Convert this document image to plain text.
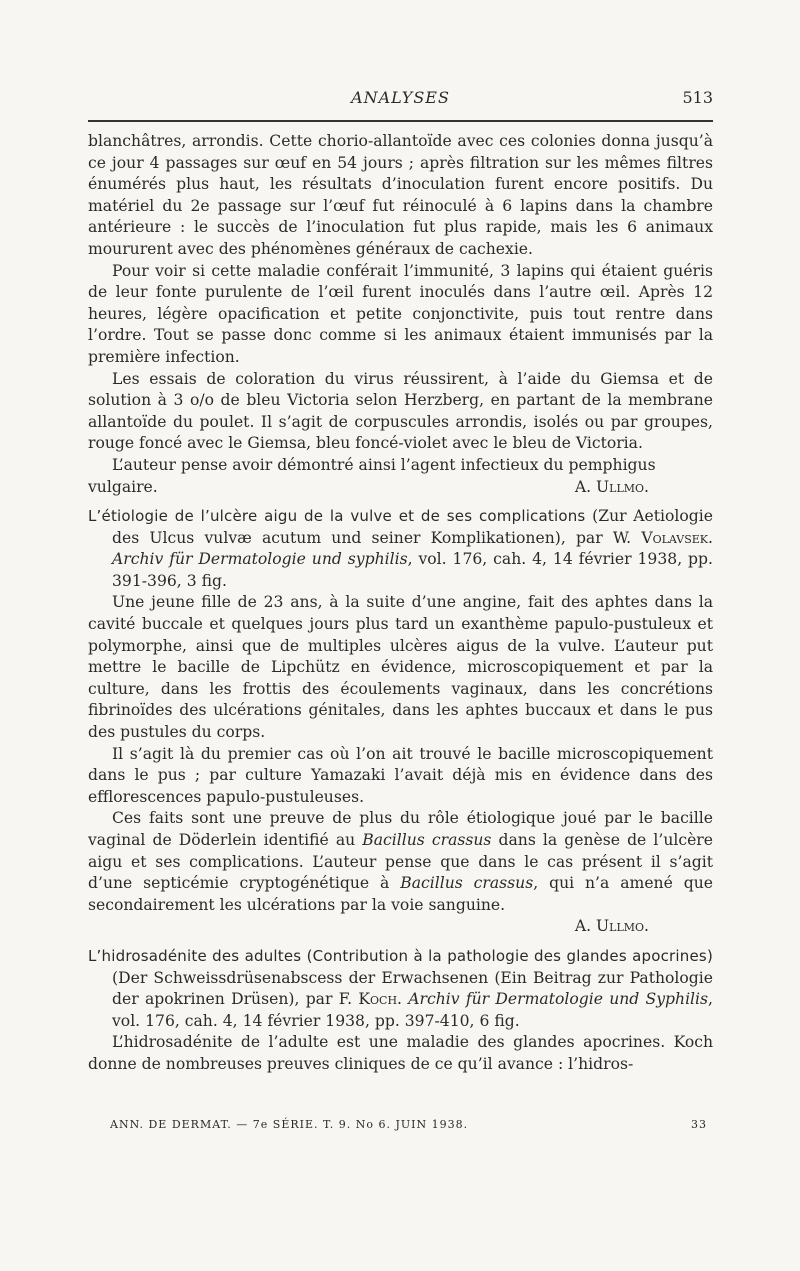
ANALYSES	513

blanchâtres, arrondis. Cette chorio-allantoïde avec ces colonies donna jusqu’à ce jour 4 passages sur œuf en 54 jours ; après filtration sur les mêmes filtres énumérés plus haut, les résultats d’inoculation furent encore positifs. Du matériel du 2e passage sur l’œuf fut réinoculé à 6 lapins dans la chambre antérieure : le succès de l’inoculation fut plus rapide, mais les 6 animaux moururent avec des phénomènes généraux de cachexie.

Pour voir si cette maladie conférait l’immunité, 3 lapins qui étaient guéris de leur fonte purulente de l’œil furent inoculés dans l’autre œil. Après 12 heures, légère opacification et petite conjonctivite, puis tout rentre dans l’ordre. Tout se passe donc comme si les animaux étaient immunisés par la première infection.

Les essais de coloration du virus réussirent, à l’aide du Giemsa et de solution à 3 o/o de bleu Victoria selon Herzberg, en partant de la membrane allantoïde du poulet. Il s’agit de corpuscules arrondis, isolés ou par groupes, rouge foncé avec le Giemsa, bleu foncé-violet avec le bleu de Victoria.

L’auteur pense avoir démontré ainsi l’agent infectieux du pemphigus

vulgaire.	A. Ullmo.

L’étiologie de l’ulcère aigu de la vulve et de ses complications (Zur Aetiologie des Ulcus vulvæ acutum und seiner Komplikationen), par W. Volavsek. Archiv für Dermatologie und syphilis, vol. 176, cah. 4, 14 février 1938, pp. 391-396, 3 fig.

Une jeune fille de 23 ans, à la suite d’une angine, fait des aphtes dans la cavité buccale et quelques jours plus tard un exanthème papulo-pustuleux et polymorphe, ainsi que de multiples ulcères aigus de la vulve. L’auteur put mettre le bacille de Lipchütz en évidence, microscopiquement et par la culture, dans les frottis des écoulements vaginaux, dans les concrétions fibrinoïdes des ulcérations génitales, dans les aphtes buccaux et dans le pus des pustules du corps.

Il s’agit là du premier cas où l’on ait trouvé le bacille microscopiquement dans le pus ; par culture Yamazaki l’avait déjà mis en évidence dans des efflorescences papulo-pustuleuses.

Ces faits sont une preuve de plus du rôle étiologique joué par le bacille vaginal de Döderlein identifié au Bacillus crassus dans la genèse de l’ulcère aigu et ses complications. L’auteur pense que dans le cas présent il s’agit d’une septicémie cryptogénétique à Bacillus crassus, qui n’a amené que secondairement les ulcérations par la voie sanguine.

A. Ullmo.

L’hidrosadénite des adultes (Contribution à la pathologie des glandes apocrines) (Der Schweissdrüsenabscess der Erwachsenen (Ein Beitrag zur Pathologie der apokrinen Drüsen), par F. Koch. Archiv für Dermatologie und Syphilis, vol. 176, cah. 4, 14 février 1938, pp. 397-410, 6 fig.

L’hidrosadénite de l’adulte est une maladie des glandes apocrines. Koch donne de nombreuses preuves cliniques de ce qu’il avance : l’hidros-

ANN. DE DERMAT. — 7e SÉRIE. T. 9. No 6. JUIN 1938.	33
